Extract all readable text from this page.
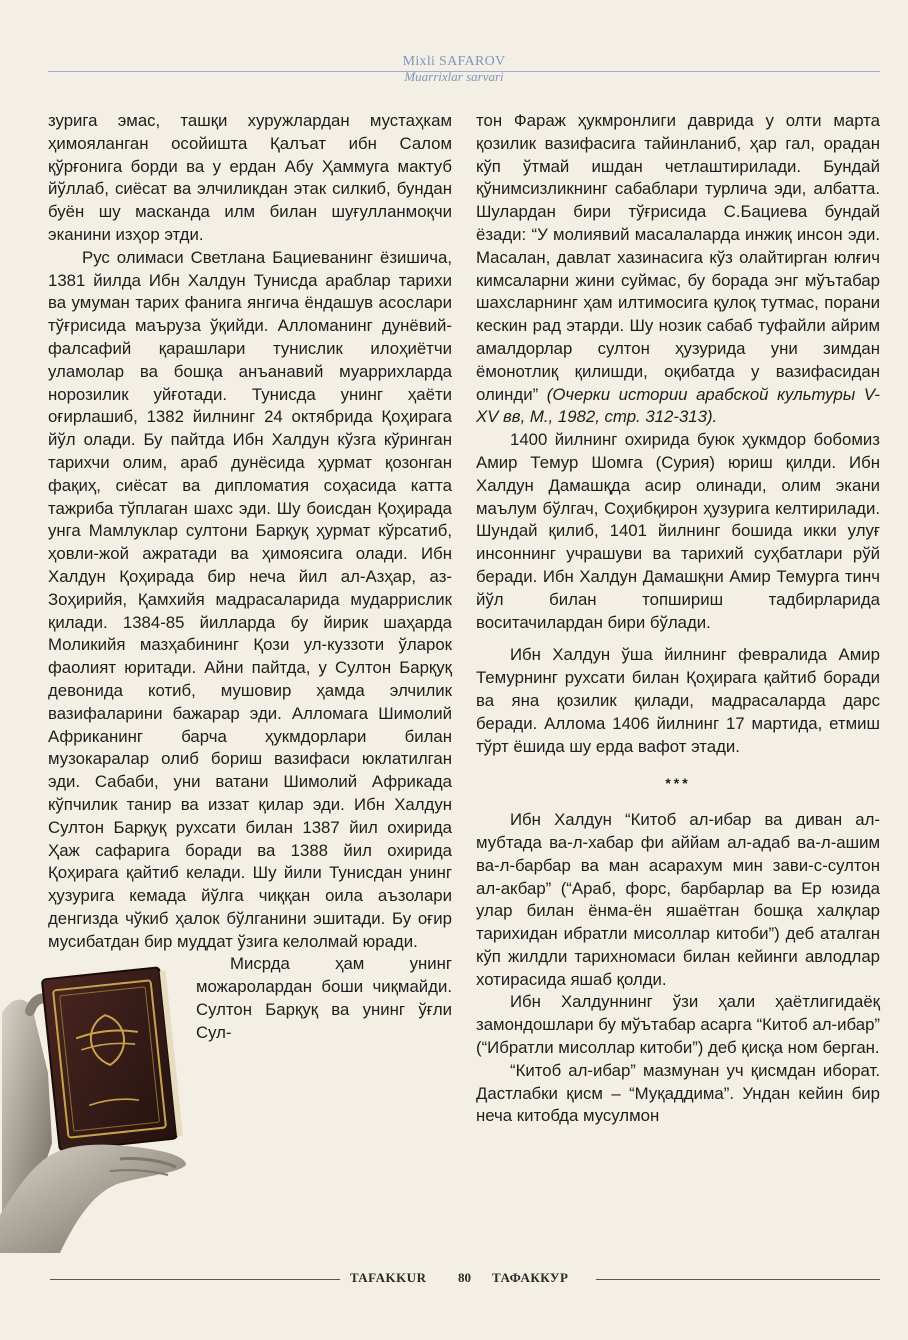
Mixli SAFAROV
Muarrixlar sarvari

зурига эмас, ташқи хуружлардан мустаҳкам ҳимояланган осойишта Қалъат ибн Салом қўрғонига борди ва у ердан Абу Ҳаммуга мактуб йўллаб, сиёсат ва элчиликдан этак силкиб, бундан буён шу масканда илм билан шуғулланмоқчи эканини изҳор этди.

Рус олимаси Светлана Бациеванинг ёзишича, 1381 йилда Ибн Халдун Тунисда араблар тарихи ва умуман тарих фанига янгича ёндашув асослари тўғрисида маъруза ўқийди. Алломанинг дунёвий-фалсафий қарашлари тунислик илоҳиётчи уламолар ва бошқа анъанавий муаррихларда норозилик уйғотади. Тунисда унинг ҳаёти оғирлашиб, 1382 йилнинг 24 октябрида Қоҳирага йўл олади. Бу пайтда Ибн Халдун кўзга кўринган тарихчи олим, араб дунёсида ҳурмат қозонган фақиҳ, сиёсат ва дипломатия соҳасида катта тажриба тўплаган шахс эди. Шу боисдан Қоҳирада унга Мамлуклар султони Барқуқ ҳурмат кўрсатиб, ҳовли-жой ажратади ва ҳимоясига олади. Ибн Халдун Қоҳирада бир неча йил ал-Азҳар, аз-Зоҳирийя, Қамхийя мадрасаларида мударрислик қилади. 1384-85 йилларда бу йирик шаҳарда Моликийя мазҳабининг Қози ул-куззоти ўларок фаолият юритади. Айни пайтда, у Султон Барқуқ девонида котиб, мушовир ҳамда элчилик вазифаларини бажарар эди. Алломага Шимолий Африканинг барча ҳукмдорлари билан музокаралар олиб бориш вазифаси юклатилган эди. Сабаби, уни ватани Шимолий Африкада кўпчилик танир ва иззат қилар эди. Ибн Халдун Султон Барқуқ рухсати билан 1387 йил охирида Ҳаж сафарига боради ва 1388 йил охирида Қоҳирага қайтиб келади. Шу йили Тунисдан унинг ҳузурига кемада йўлга чиққан оила аъзолари денгизда чўкиб ҳалок бўлганини эшитади. Бу оғир мусибатдан бир муддат ўзига келолмай юради.

Мисрда ҳам унинг можаролардан боши чиқмайди. Султон Барқуқ ва унинг ўғли Сул-

тон Фараж ҳукмронлиги даврида у олти марта қозилик вазифасига тайинланиб, ҳар гал, орадан кўп ўтмай ишдан четлаштирилади. Бундай қўнимсизликнинг сабаблари турлича эди, албатта. Шулардан бири тўғрисида С.Бациева бундай ёзади: “У молиявий масалаларда инжиқ инсон эди. Масалан, давлат хазинасига кўз олайтирган юлғич кимсаларни жини суймас, бу борада энг мўътабар шахсларнинг ҳам илтимосига қулоқ тутмас, порани кескин рад этарди. Шу нозик сабаб туфайли айрим амалдорлар султон ҳузурида уни зимдан ёмонотлиқ қилишди, оқибатда у вазифасидан олинди” (Очерки истории арабской культуры V-XV вв, М., 1982, стр. 312-313).

1400 йилнинг охирида буюк ҳукмдор бобомиз Амир Темур Шомга (Сурия) юриш қилди. Ибн Халдун Дамашқда асир олинади, олим экани маълум бўлгач, Соҳибқирон ҳузурига келтирилади. Шундай қилиб, 1401 йилнинг бошида икки улуғ инсоннинг учрашуви ва тарихий суҳбатлари рўй беради. Ибн Халдун Дамашқни Амир Темурга тинч йўл билан топшириш тадбирларида воситачилардан бири бўлади.

Ибн Халдун ўша йилнинг февралида Амир Темурнинг рухсати билан Қоҳирага қайтиб боради ва яна қозилик қилади, мадрасаларда дарс беради. Аллома 1406 йилнинг 17 мартида, етмиш тўрт ёшида шу ерда вафот этади.

***

Ибн Халдун “Китоб ал-ибар ва диван ал-мубтада ва-л-хабар фи аййам ал-адаб ва-л-ашим ва-л-барбар ва ман асарахум мин зави-с-султон ал-акбар” (“Араб, форс, барбарлар ва Ер юзида улар билан ёнма-ён яшаётган бошқа халқлар тарихидан ибратли мисоллар китоби”) деб аталган кўп жилдли тарихномаси билан кейинги авлодлар хотирасида яшаб қолди.

Ибн Халдуннинг ўзи ҳали ҳаётлигидаёқ замондошлари бу мўътабар асарга “Китоб ал-ибар” (“Ибратли мисоллар китоби”) деб қисқа ном берган.

“Китоб ал-ибар” мазмунан уч қисмдан иборат. Дастлабки қисм – “Муқаддима”. Ундан кейин бир неча китобда мусулмон

TAFAKKUR 80 ТАФАККУР
